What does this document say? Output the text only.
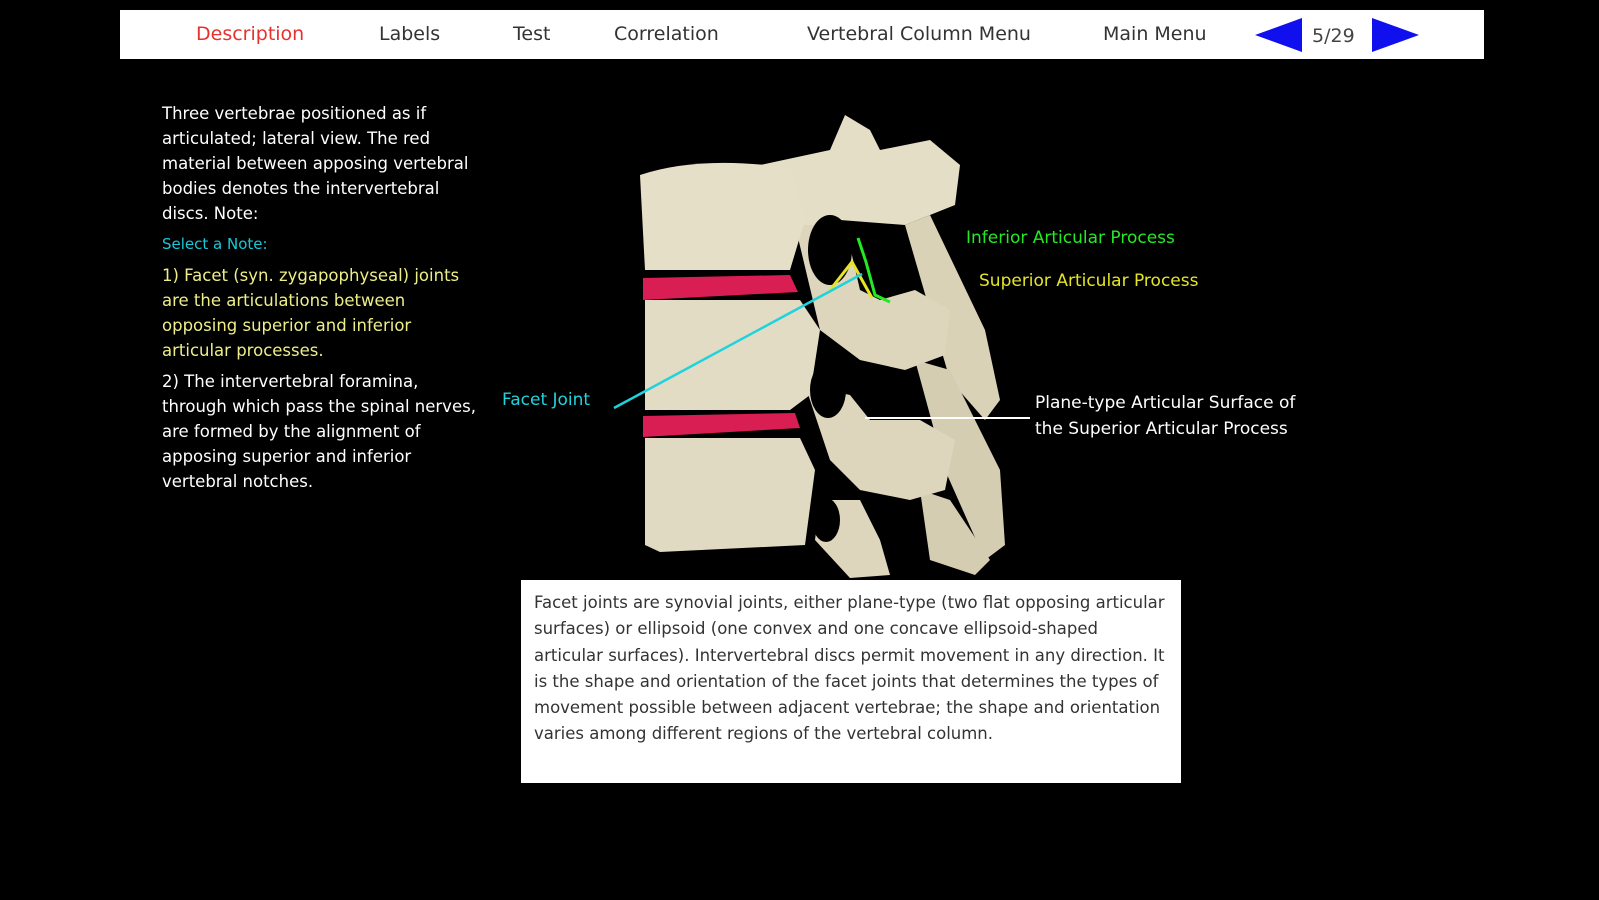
Description	Labels	Test	Correlation	Vertebral Column Menu	Main Menu	5/29

Three vertebrae positioned as if articulated; lateral view. The red material between apposing vertebral bodies denotes the intervertebral discs. Note:

Select a Note:

1) Facet (syn. zygapophyseal) joints are the articulations between opposing superior and inferior articular processes.

2) The intervertebral foramina, through which pass the spinal nerves, are formed by the alignment of apposing superior and inferior vertebral notches.

Inferior Articular Process
Superior Articular Process
Facet Joint	Plane-type Articular Surface of
the Superior Articular Process
Facet joints are synovial joints, either plane-type (two flat opposing articular surfaces) or ellipsoid (one convex and one concave ellipsoid-shaped articular surfaces). Intervertebral discs permit movement in any direction. It is the shape and orientation of the facet joints that determines the types of movement possible between adjacent vertebrae; the shape and orientation varies among different regions of the vertebral column.
